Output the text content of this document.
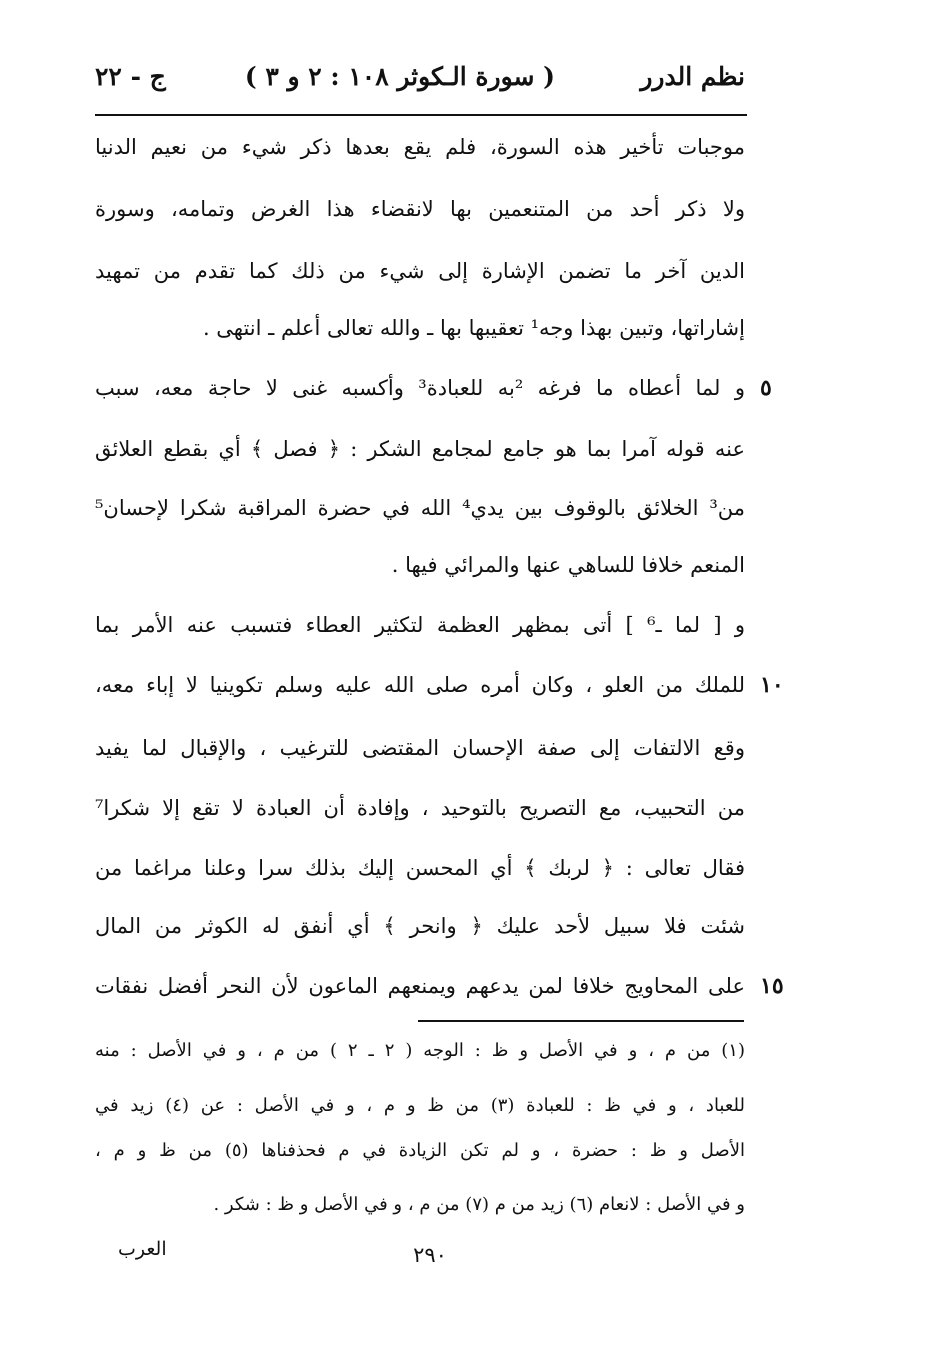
نظم الدرر
( سورة الـكوثر ١٠٨ : ٢ و ٣ )
ج - ٢٢
موجبات تأخير هذه السورة، فلم يقع بعدها ذكر شيء من نعيم الدنيا
ولا ذكر أحد من المتنعمين بها لانقضاء هذا الغرض وتمامه، وسورة
الدين آخر ما تضمن الإشارة إلى شيء من ذلك كما تقدم من تمهيد
إشاراتها، وتبين بهذا وجه¹ تعقيبها بها ـ والله تعالى أعلم ـ انتهى .
و لما أعطاه ما فرغه ²به للعبادة³ وأكسبه غنى لا حاجة معه، سبب
عنه قوله آمرا بما هو جامع لمجامع الشكر : ﴿ فصل ﴾ أي بقطع العلائق
من³ الخلائق بالوقوف بين يدي⁴ الله في حضرة المراقبة شكرا لإحسان⁵
المنعم خلافا للساهي عنها والمرائي فيها .
و [ لما ـ⁶ ] أتى بمظهر العظمة لتكثير العطاء فتسبب عنه الأمر بما
للملك من العلو ، وكان أمره صلى الله عليه وسلم تكوينيا لا إباء معه،
وقع الالتفات إلى صفة الإحسان المقتضى للترغيب ، والإقبال لما يفيد
من التحبيب، مع التصريح بالتوحيد ، وإفادة أن العبادة لا تقع إلا شكرا⁷
فقال تعالى : ﴿ لربك ﴾ أي المحسن إليك بذلك سرا وعلنا مراغما من
شئت فلا سبيل لأحد عليك ﴿ وانحر ﴾ أي أنفق له الكوثر من المال
على المحاويج خلافا لمن يدعهم ويمنعهم الماعون لأن النحر أفضل نفقات
٥
١٠
١٥
(١) من م ، و في الأصل و ظ : الوجه ( ٢ ـ ٢ ) من م ، و في الأصل : منه
للعباد ، و في ظ : للعبادة (٣) من ظ و م ، و في الأصل : عن (٤) زيد في
الأصل و ظ : حضرة ، و لم تكن الزيادة في م فحذفناها (٥) من ظ و م ،
و في الأصل : لانعام (٦) زيد من م (٧) من م ، و في الأصل و ظ : شكر .
٢٩٠
العرب
